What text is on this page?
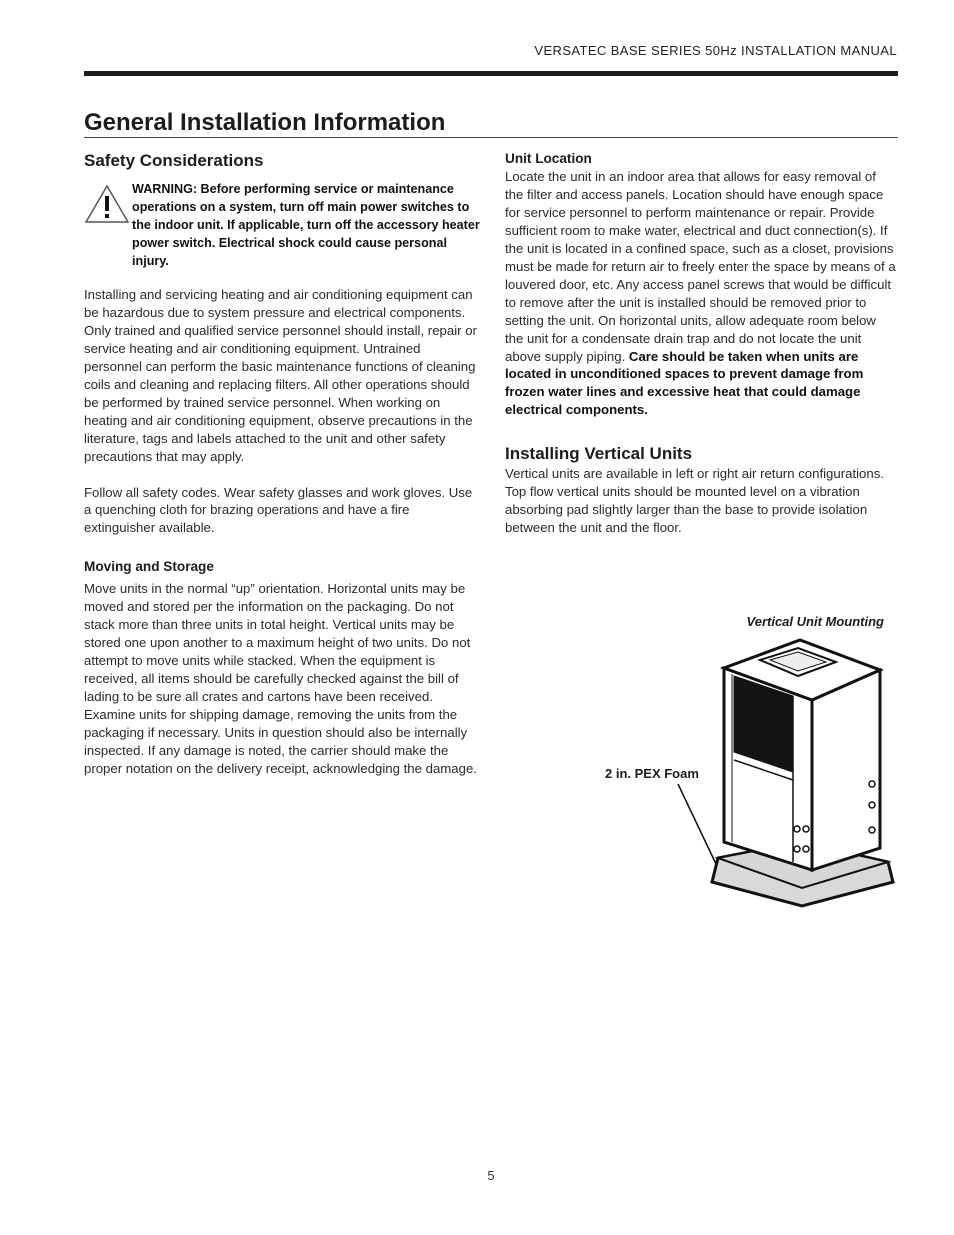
VERSATEC BASE SERIES 50Hz INSTALLATION MANUAL
General Installation Information
Safety Considerations
WARNING: Before performing service or maintenance operations on a system, turn off main power switches to the indoor unit. If applicable, turn off the accessory heater power switch. Electrical shock could cause personal injury.

Installing and servicing heating and air conditioning equipment can be hazardous due to system pressure and electrical components. Only trained and qualified service personnel should install, repair or service heating and air conditioning equipment. Untrained personnel can perform the basic maintenance functions of cleaning coils and cleaning and replacing filters. All other operations should be performed by trained service personnel. When working on heating and air conditioning equipment, observe precautions in the literature, tags and labels attached to the unit and other safety precautions that may apply.

Follow all safety codes. Wear safety glasses and work gloves. Use a quenching cloth for brazing operations and have a fire extinguisher available.

Moving and Storage

Move units in the normal “up” orientation. Horizontal units may be moved and stored per the information on the packaging. Do not stack more than three units in total height. Vertical units may be stored one upon another to a maximum height of two units. Do not attempt to move units while stacked. When the equipment is received, all items should be carefully checked against the bill of lading to be sure all crates and cartons have been received. Examine units for shipping damage, removing the units from the packaging if necessary. Units in question should also be internally inspected. If any damage is noted, the carrier should make the proper notation on the delivery receipt, acknowledging the damage.

Unit Location

Locate the unit in an indoor area that allows for easy removal of the filter and access panels. Location should have enough space for service personnel to perform maintenance or repair. Provide sufficient room to make water, electrical and duct connection(s). If the unit is located in a confined space, such as a closet, provisions must be made for return air to freely enter the space by means of a louvered door, etc. Any access panel screws that would be difficult to remove after the unit is installed should be removed prior to setting the unit. On horizontal units, allow adequate room below the unit for a condensate drain trap and do not locate the unit above supply piping. Care should be taken when units are located in unconditioned spaces to prevent damage from frozen water lines and excessive heat that could damage electrical components.

Installing Vertical Units

Vertical units are available in left or right air return configurations. Top flow vertical units should be mounted level on a vibration absorbing pad slightly larger than the base to provide isolation between the unit and the floor.

Vertical Unit Mounting
2 in. PEX Foam
5
